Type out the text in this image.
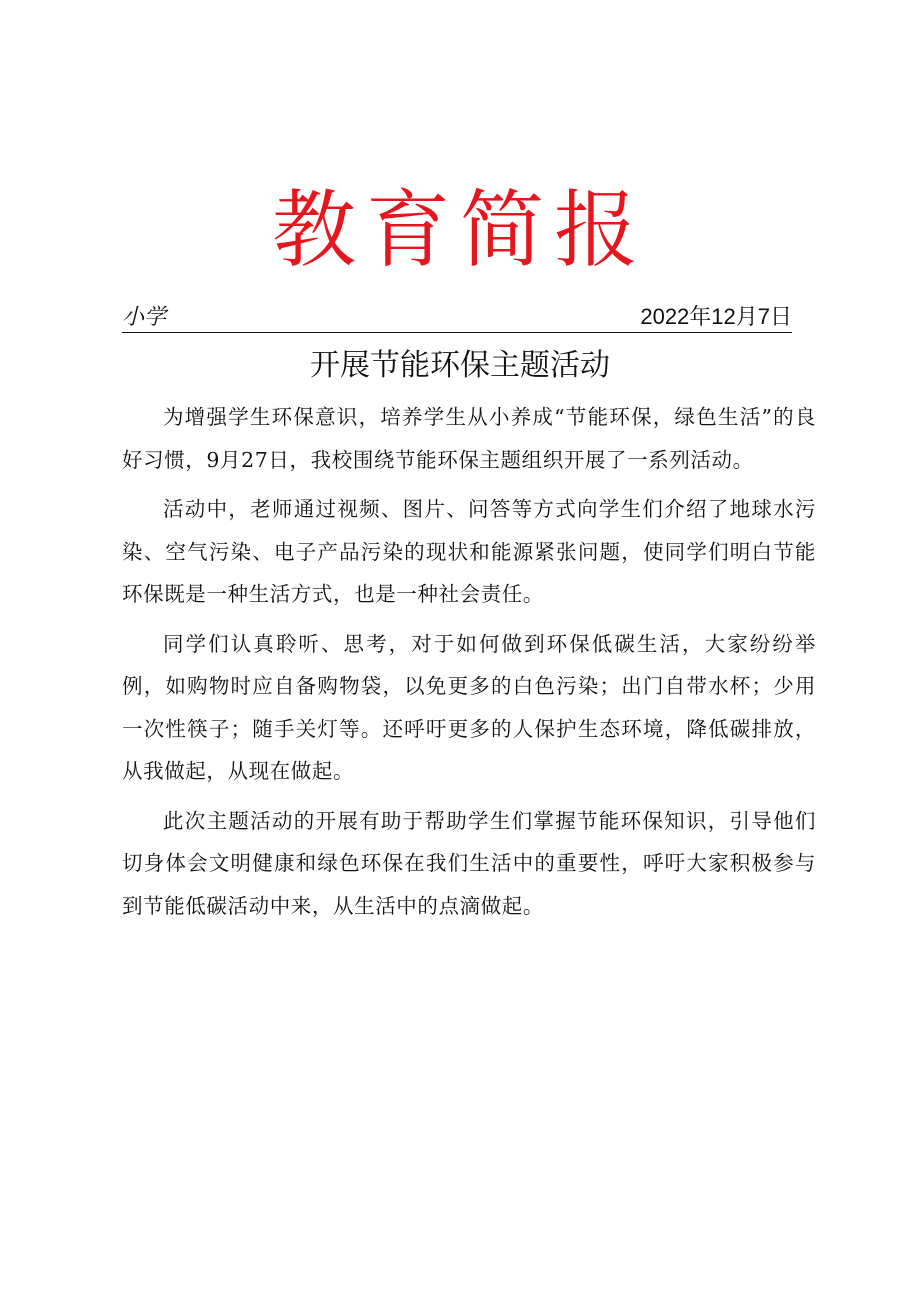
教育简报
小学	2022年12月7日
开展节能环保主题活动

为增强学生环保意识，培养学生从小养成“节能环保，绿色生活”的良好习惯，9月27日，我校围绕节能环保主题组织开展了一系列活动。

活动中，老师通过视频、图片、问答等方式向学生们介绍了地球水污染、空气污染、电子产品污染的现状和能源紧张问题，使同学们明白节能环保既是一种生活方式，也是一种社会责任。

同学们认真聆听、思考，对于如何做到环保低碳生活，大家纷纷举例，如购物时应自备购物袋，以免更多的白色污染；出门自带水杯；少用一次性筷子；随手关灯等。还呼吁更多的人保护生态环境，降低碳排放，从我做起，从现在做起。

此次主题活动的开展有助于帮助学生们掌握节能环保知识，引导他们切身体会文明健康和绿色环保在我们生活中的重要性，呼吁大家积极参与到节能低碳活动中来，从生活中的点滴做起。
